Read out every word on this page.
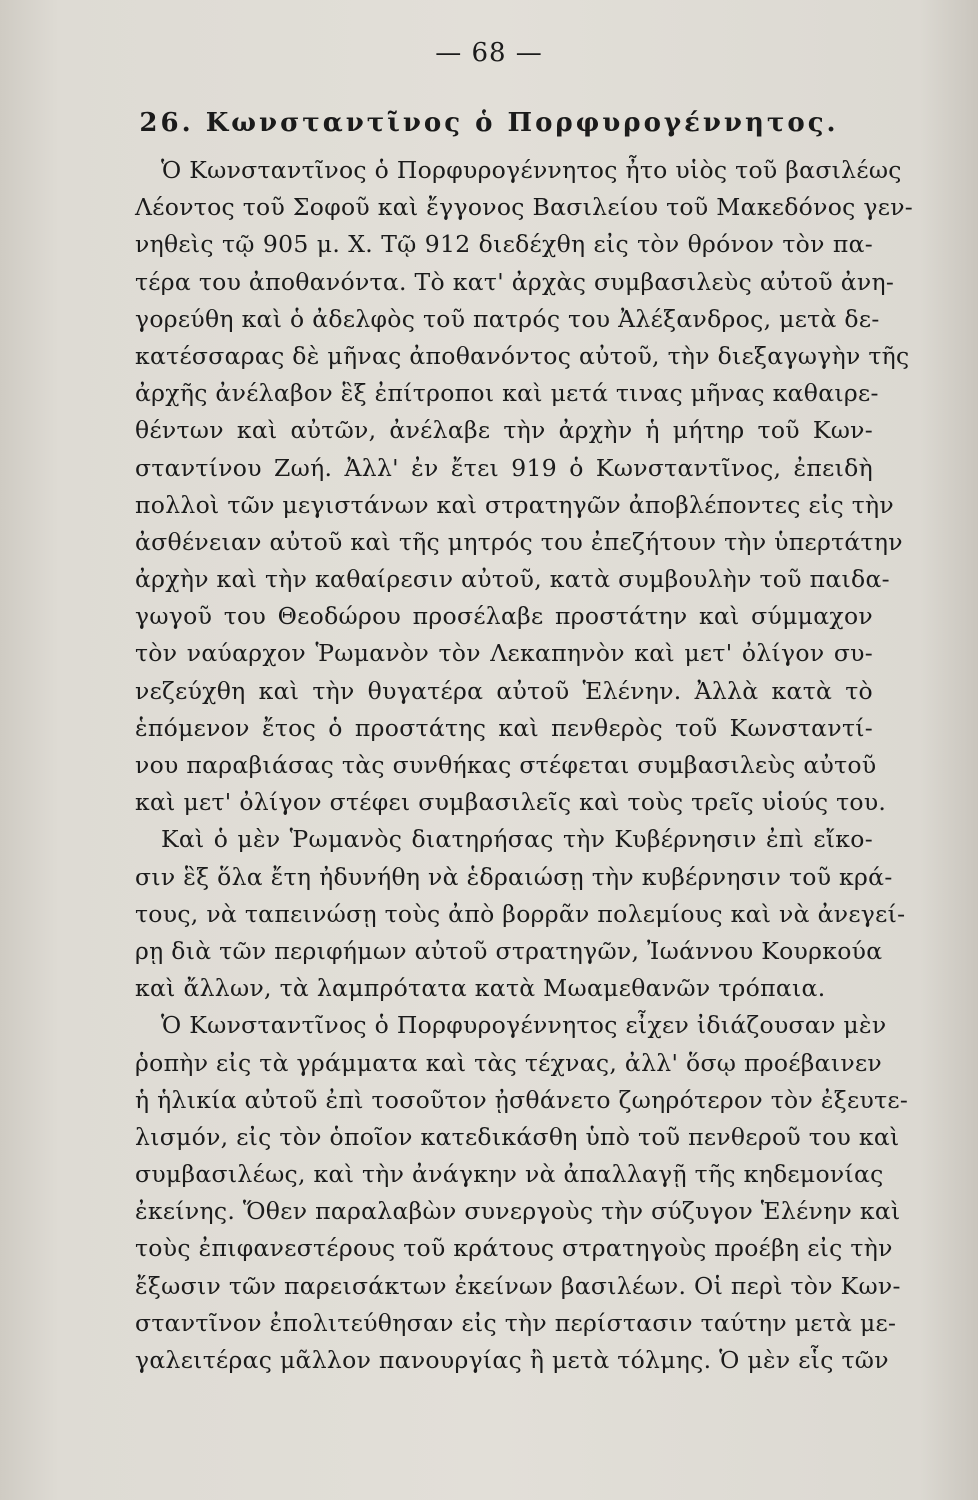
— 68 —
26. Κωνσταντῖνος ὁ Πορφυρογέννητος.
Ὁ Κωνσταντῖνος ὁ Πορφυρογέννητος ἦτο υἱὸς τοῦ βασιλέως
Λέοντος τοῦ Σοφοῦ καὶ ἔγγονος Βασιλείου τοῦ Μακεδόνος γεν-
νηθεὶς τῷ 905 μ. Χ. Τῷ 912 διεδέχθη εἰς τὸν θρόνον τὸν πα-
τέρα του ἀποθανόντα. Τὸ κατ' ἀρχὰς συμβασιλεὺς αὐτοῦ ἀνη-
γορεύθη καὶ ὁ ἀδελφὸς τοῦ πατρός του Ἀλέξανδρος, μετὰ δε-
κατέσσαρας δὲ μῆνας ἀποθανόντος αὐτοῦ, τὴν διεξαγωγὴν τῆς
ἀρχῆς ἀνέλαβον ἓξ ἐπίτροποι καὶ μετά τινας μῆνας καθαιρε-
θέντων καὶ αὐτῶν, ἀνέλαβε τὴν ἀρχὴν ἡ μήτηρ τοῦ Κων-
σταντίνου Ζωή. Ἀλλ' ἐν ἔτει 919 ὁ Κωνσταντῖνος, ἐπειδὴ
πολλοὶ τῶν μεγιστάνων καὶ στρατηγῶν ἀποβλέποντες εἰς τὴν
ἀσθένειαν αὐτοῦ καὶ τῆς μητρός του ἐπεζήτουν τὴν ὑπερτάτην
ἀρχὴν καὶ τὴν καθαίρεσιν αὐτοῦ, κατὰ συμβουλὴν τοῦ παιδα-
γωγοῦ του Θεοδώρου προσέλαβε προστάτην καὶ σύμμαχον
τὸν ναύαρχον Ῥωμανὸν τὸν Λεκαπηνὸν καὶ μετ' ὀλίγον συ-
νεζεύχθη καὶ τὴν θυγατέρα αὐτοῦ Ἑλένην. Ἀλλὰ κατὰ τὸ
ἑπόμενον ἔτος ὁ προστάτης καὶ πενθερὸς τοῦ Κωνσταντί-
νου παραβιάσας τὰς συνθήκας στέφεται συμβασιλεὺς αὐτοῦ
καὶ μετ' ὀλίγον στέφει συμβασιλεῖς καὶ τοὺς τρεῖς υἱούς του.
Καὶ ὁ μὲν Ῥωμανὸς διατηρήσας τὴν Κυβέρνησιν ἐπὶ εἴκο-
σιν ἓξ ὅλα ἔτη ἠδυνήθη νὰ ἑδραιώσῃ τὴν κυβέρνησιν τοῦ κρά-
τους, νὰ ταπεινώσῃ τοὺς ἀπὸ βορρᾶν πολεμίους καὶ νὰ ἀνεγεί-
ρῃ διὰ τῶν περιφήμων αὐτοῦ στρατηγῶν, Ἰωάννου Κουρκούα
καὶ ἄλλων, τὰ λαμπρότατα κατὰ Μωαμεθανῶν τρόπαια.
Ὁ Κωνσταντῖνος ὁ Πορφυρογέννητος εἶχεν ἰδιάζουσαν μὲν
ῥοπὴν εἰς τὰ γράμματα καὶ τὰς τέχνας, ἀλλ' ὅσῳ προέβαινεν
ἡ ἡλικία αὐτοῦ ἐπὶ τοσοῦτον ᾐσθάνετο ζωηρότερον τὸν ἐξευτε-
λισμόν, εἰς τὸν ὁποῖον κατεδικάσθη ὑπὸ τοῦ πενθεροῦ του καὶ
συμβασιλέως, καὶ τὴν ἀνάγκην νὰ ἀπαλλαγῇ τῆς κηδεμονίας
ἐκείνης. Ὅθεν παραλαβὼν συνεργοὺς τὴν σύζυγον Ἑλένην καὶ
τοὺς ἐπιφανεστέρους τοῦ κράτους στρατηγοὺς προέβη εἰς τὴν
ἔξωσιν τῶν παρεισάκτων ἐκείνων βασιλέων. Οἱ περὶ τὸν Κων-
σταντῖνον ἐπολιτεύθησαν εἰς τὴν περίστασιν ταύτην μετὰ με-
γαλειτέρας μᾶλλον πανουργίας ἢ μετὰ τόλμης. Ὁ μὲν εἷς τῶν
